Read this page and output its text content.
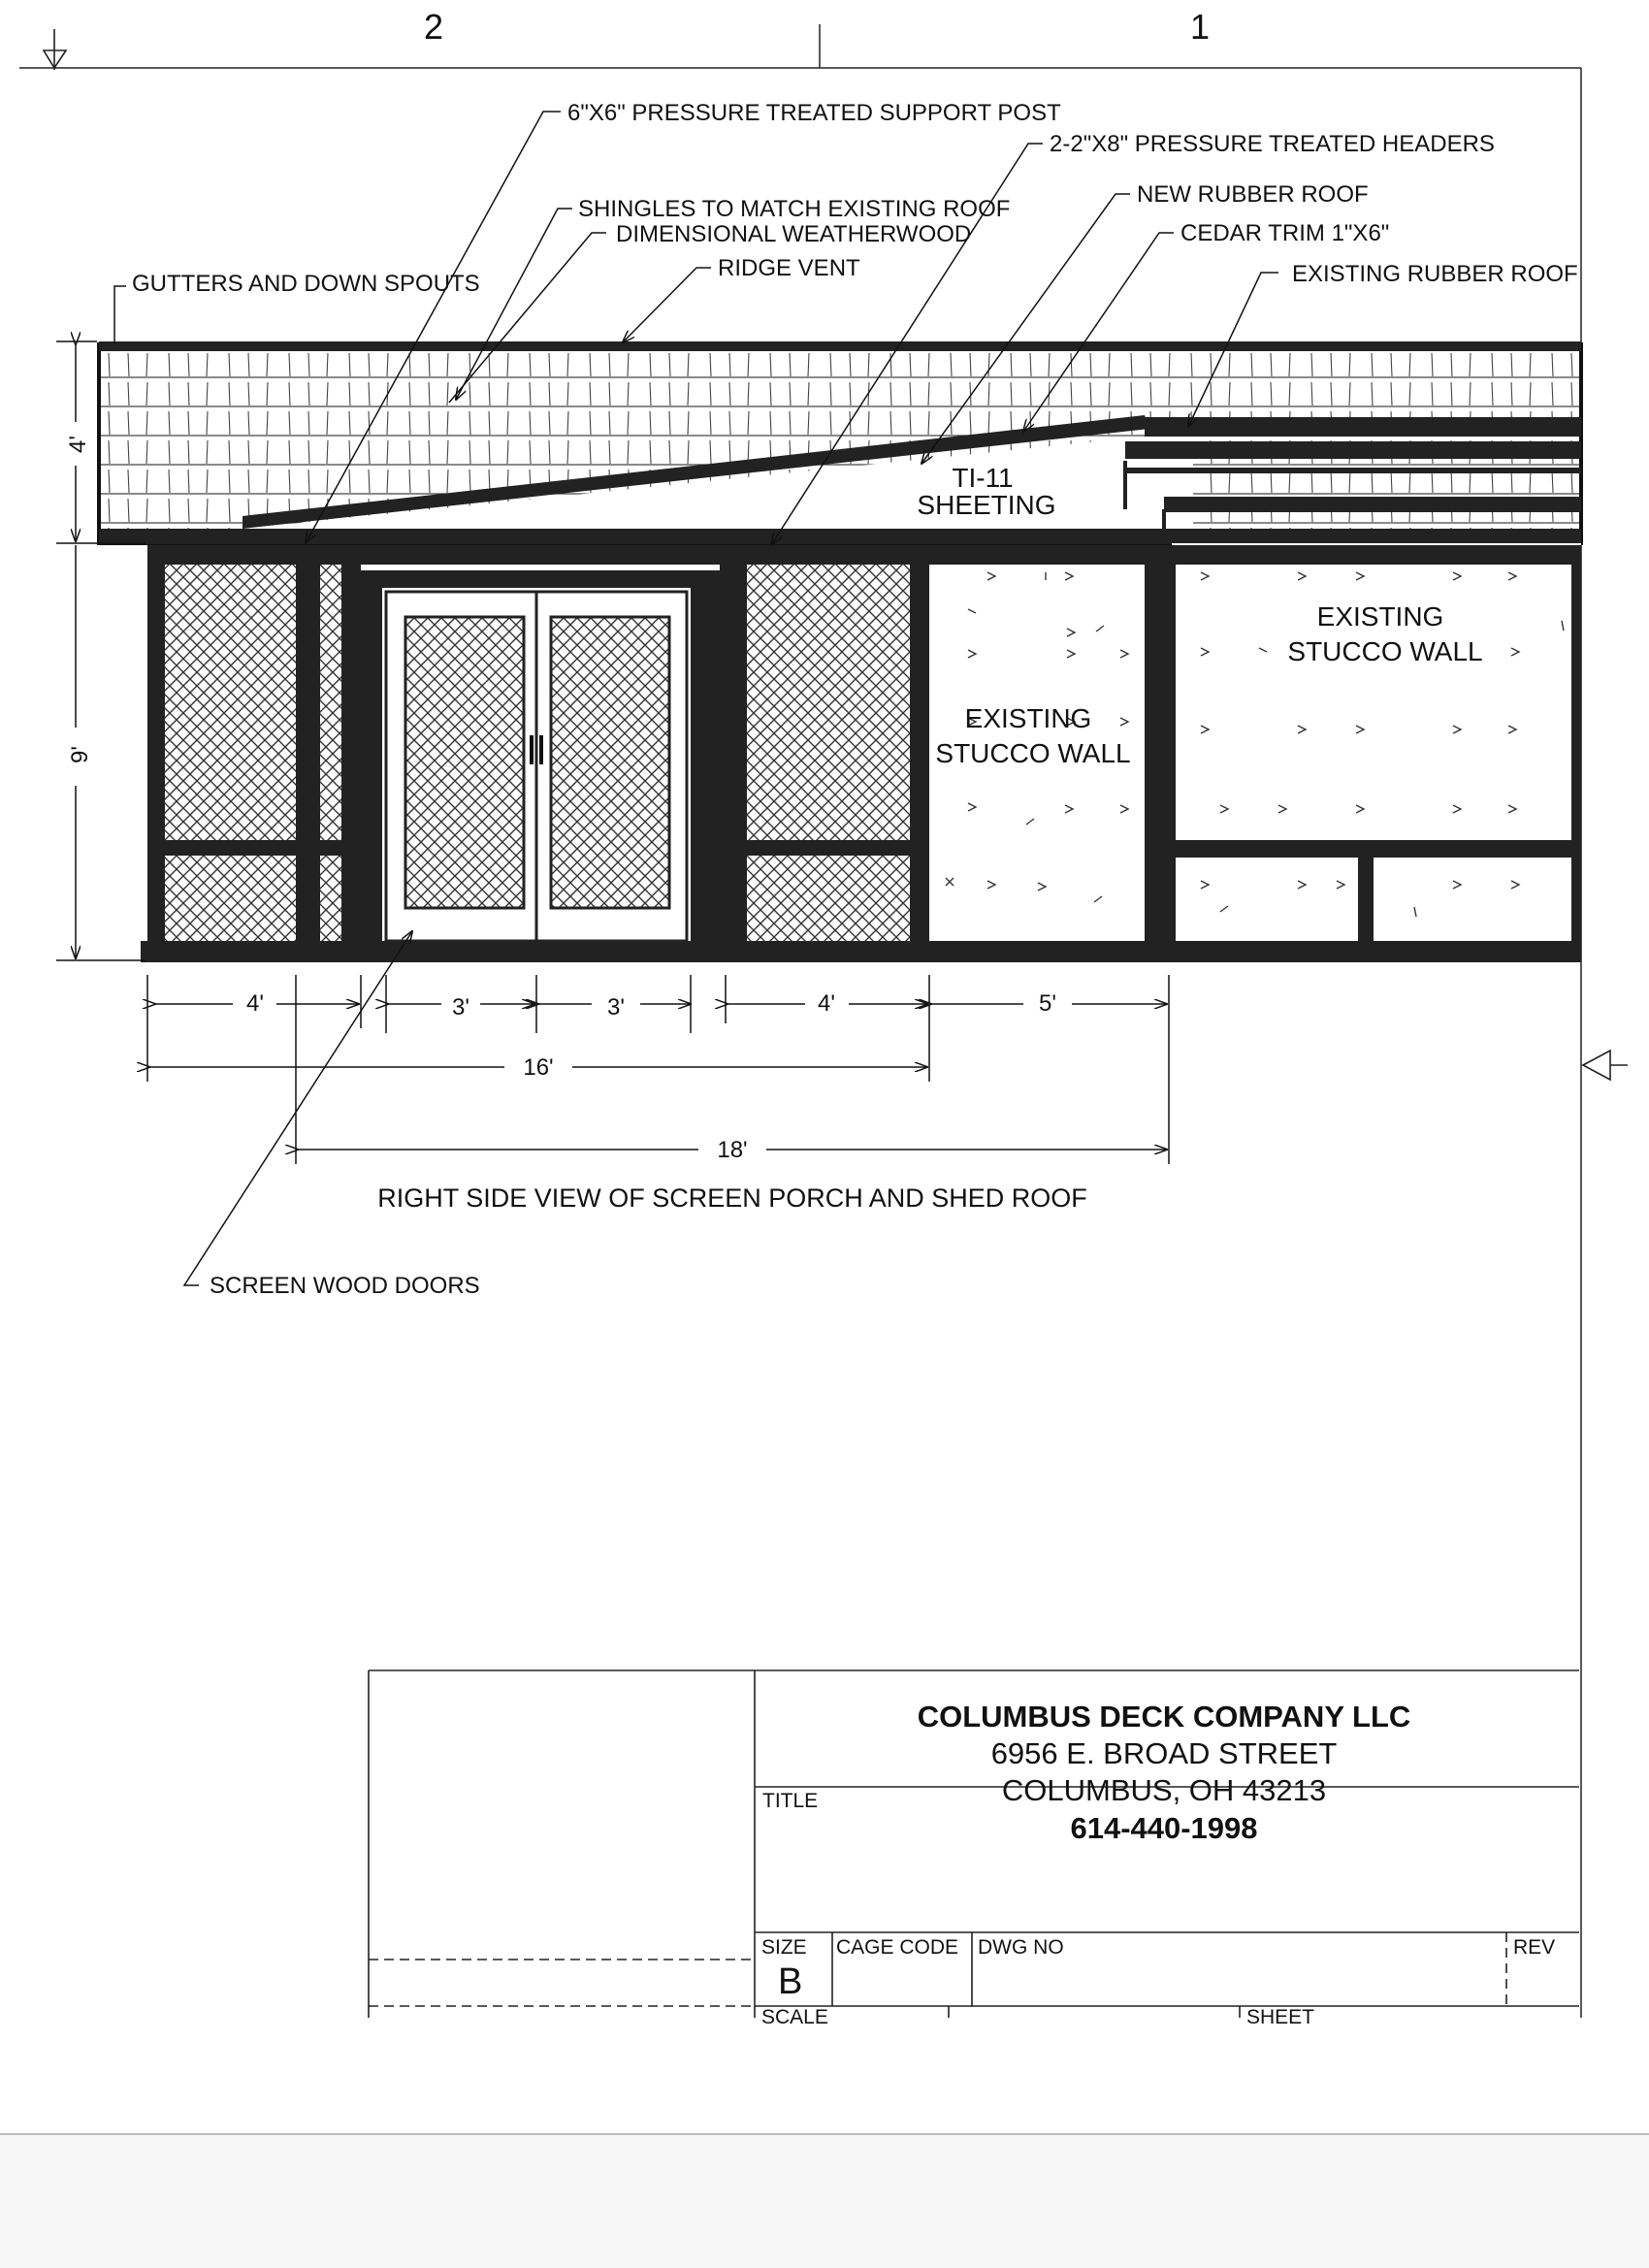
2	1
TI-11
SHEETING
EXISTING
STUCCO WALL
EXISTING
STUCCO WALL
6"X6" PRESSURE TREATED SUPPORT POST
2-2"X8" PRESSURE TREATED HEADERS
SHINGLES TO MATCH EXISTING ROOF
DIMENSIONAL WEATHERWOOD
NEW RUBBER ROOF
CEDAR TRIM 1"X6"
RIDGE VENT	EXISTING RUBBER ROOF
GUTTERS AND DOWN SPOUTS
SCREEN WOOD DOORS
4'
9'
4'	3'	3'	4'	5'
16'
18'
RIGHT SIDE VIEW OF SCREEN PORCH AND SHED ROOF
COLUMBUS DECK COMPANY LLC
6956 E. BROAD STREET
COLUMBUS, OH 43213
614-440-1998
TITLE
SIZE
B
CAGE CODE DWG NO	REV
SCALE	SHEET
